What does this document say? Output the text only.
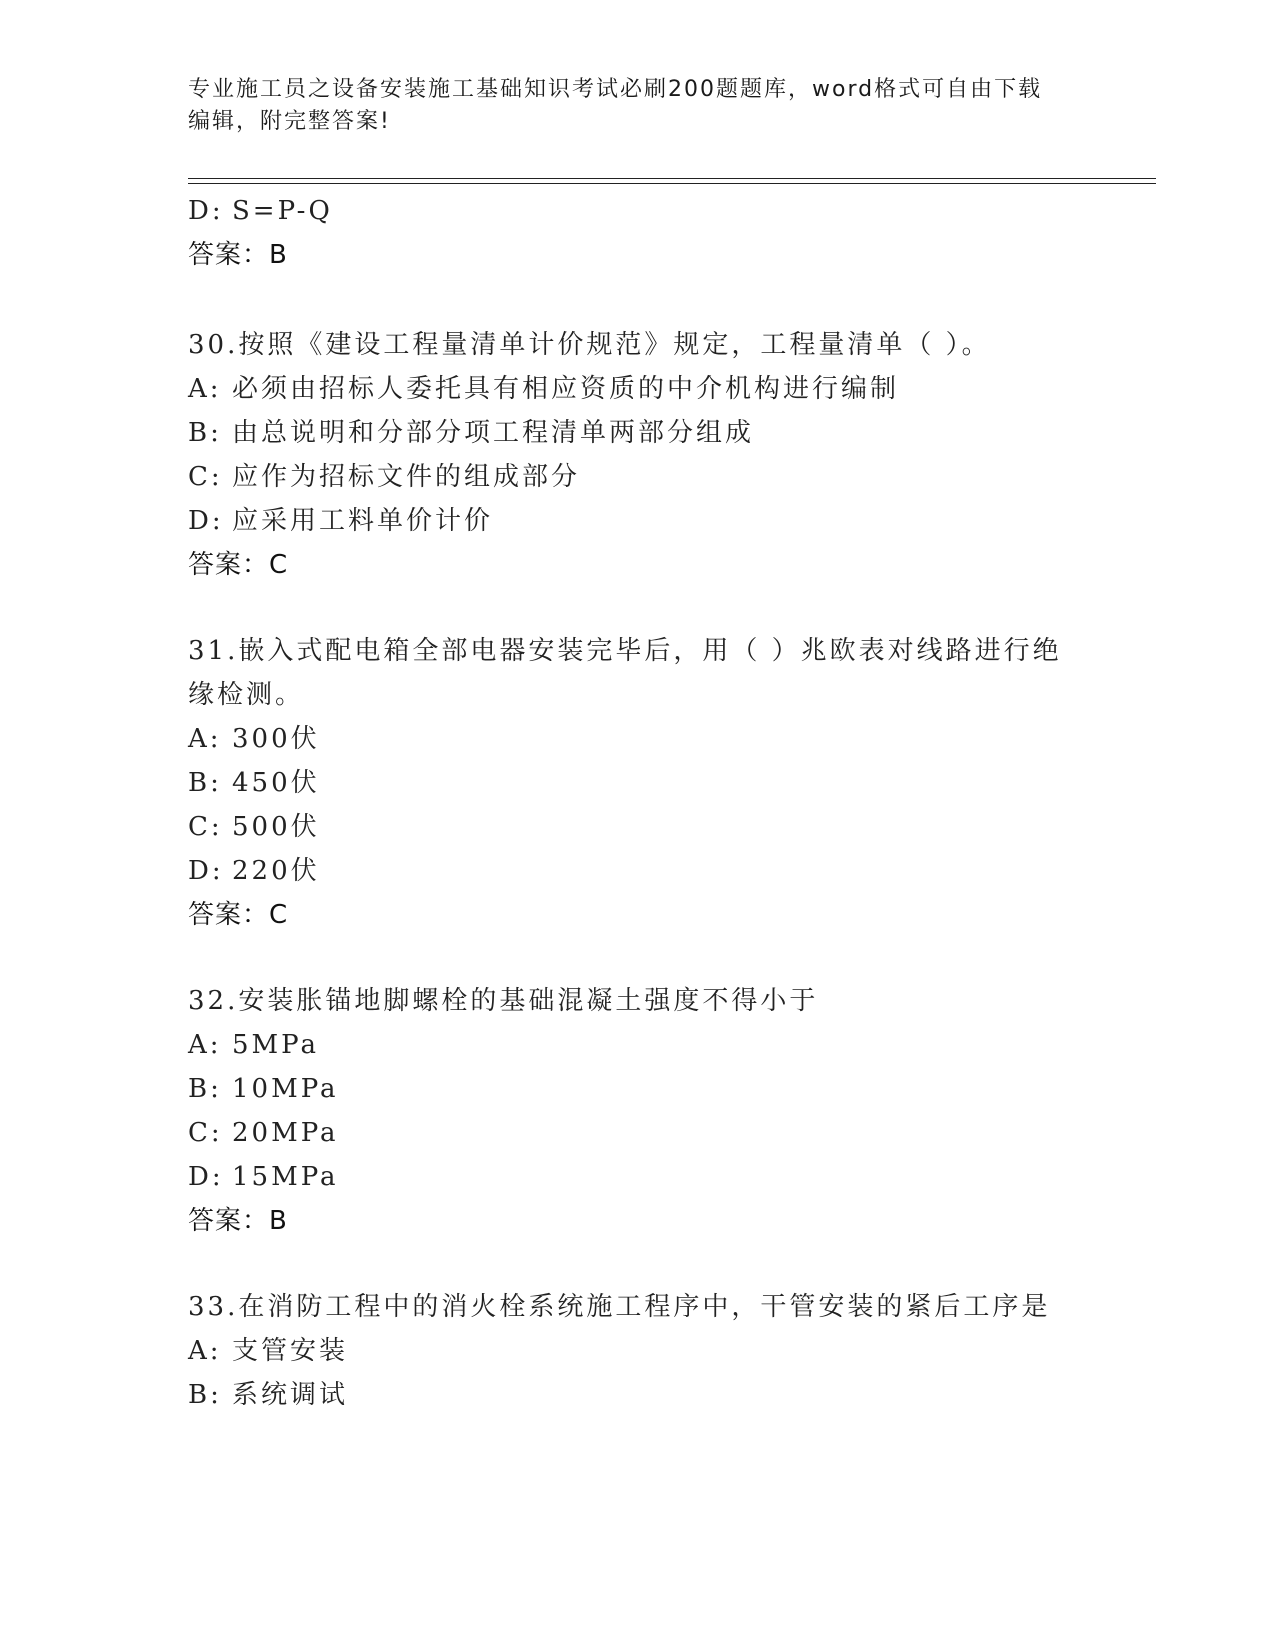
专业施工员之设备安装施工基础知识考试必刷200题题库，word格式可自由下载
编辑，附完整答案!
D: S=P-Q
答案：B
30.按照《建设工程量清单计价规范》规定，工程量清单（ ）。
A: 必须由招标人委托具有相应资质的中介机构进行编制
B: 由总说明和分部分项工程清单两部分组成
C: 应作为招标文件的组成部分
D: 应采用工料单价计价
答案：C
31.嵌入式配电箱全部电器安装完毕后，用（ ）兆欧表对线路进行绝
缘检测。
A: 300伏
B: 450伏
C: 500伏
D: 220伏
答案：C
32.安装胀锚地脚螺栓的基础混凝土强度不得小于
A: 5MPa
B: 10MPa
C: 20MPa
D: 15MPa
答案：B
33.在消防工程中的消火栓系统施工程序中，干管安装的紧后工序是
A: 支管安装
B: 系统调试
